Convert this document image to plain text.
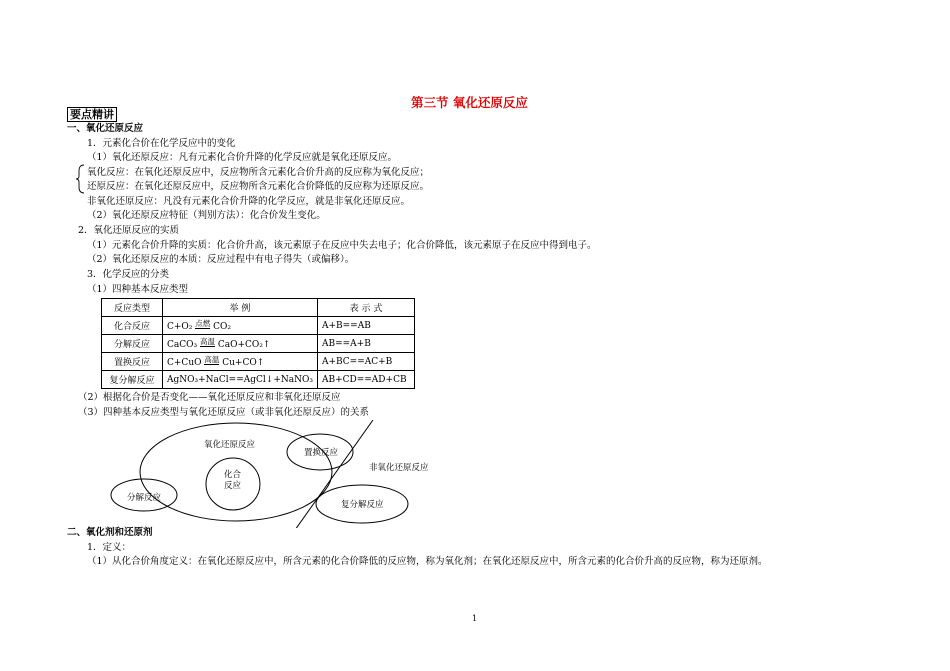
第三节 氧化还原反应
要点精讲
一、氧化还原反应
1．元素化合价在化学反应中的变化
（1）氧化还原反应：凡有元素化合价升降的化学反应就是氧化还原反应。
氧化反应：在氧化还原反应中，反应物所含元素化合价升高的反应称为氧化反应；
还原反应：在氧化还原反应中，反应物所含元素化合价降低的反应称为还原反应。
非氧化还原反应：凡没有元素化合价升降的化学反应，就是非氧化还原反应。
（2）氧化还原反应特征（判别方法）：化合价发生变化。
2．氧化还原反应的实质
（1）元素化合价升降的实质：化合价升高，该元素原子在反应中失去电子；化合价降低，该元素原子在反应中得到电子。
（2）氧化还原反应的本质：反应过程中有电子得失（或偏移）。
3．化学反应的分类
（1）四种基本反应类型
反应类型	举 例	表 示 式
化合反应	C+O₂ 点燃 CO₂	A+B==AB
分解反应	CaCO₃ 高温 CaO+CO₂↑	AB==A+B
置换反应	C+CuO 高温 Cu+CO↑	A+BC==AC+B
复分解反应	AgNO₃+NaCl==AgCl↓+NaNO₃	AB+CD==AD+CB
（2）根据化合价是否变化——氧化还原反应和非氧化还原反应
（3）四种基本反应类型与氧化还原反应（或非氧化还原反应）的关系
氧化还原反应
置换反应
非氧化还原反应
化合
反应
分解反应
复分解反应
二、氧化剂和还原剂
1．定义：
（1）从化合价角度定义：在氧化还原反应中，所含元素的化合价降低的反应物，称为氧化剂；在氧化还原反应中，所含元素的化合价升高的反应物，称为还原剂。
1
